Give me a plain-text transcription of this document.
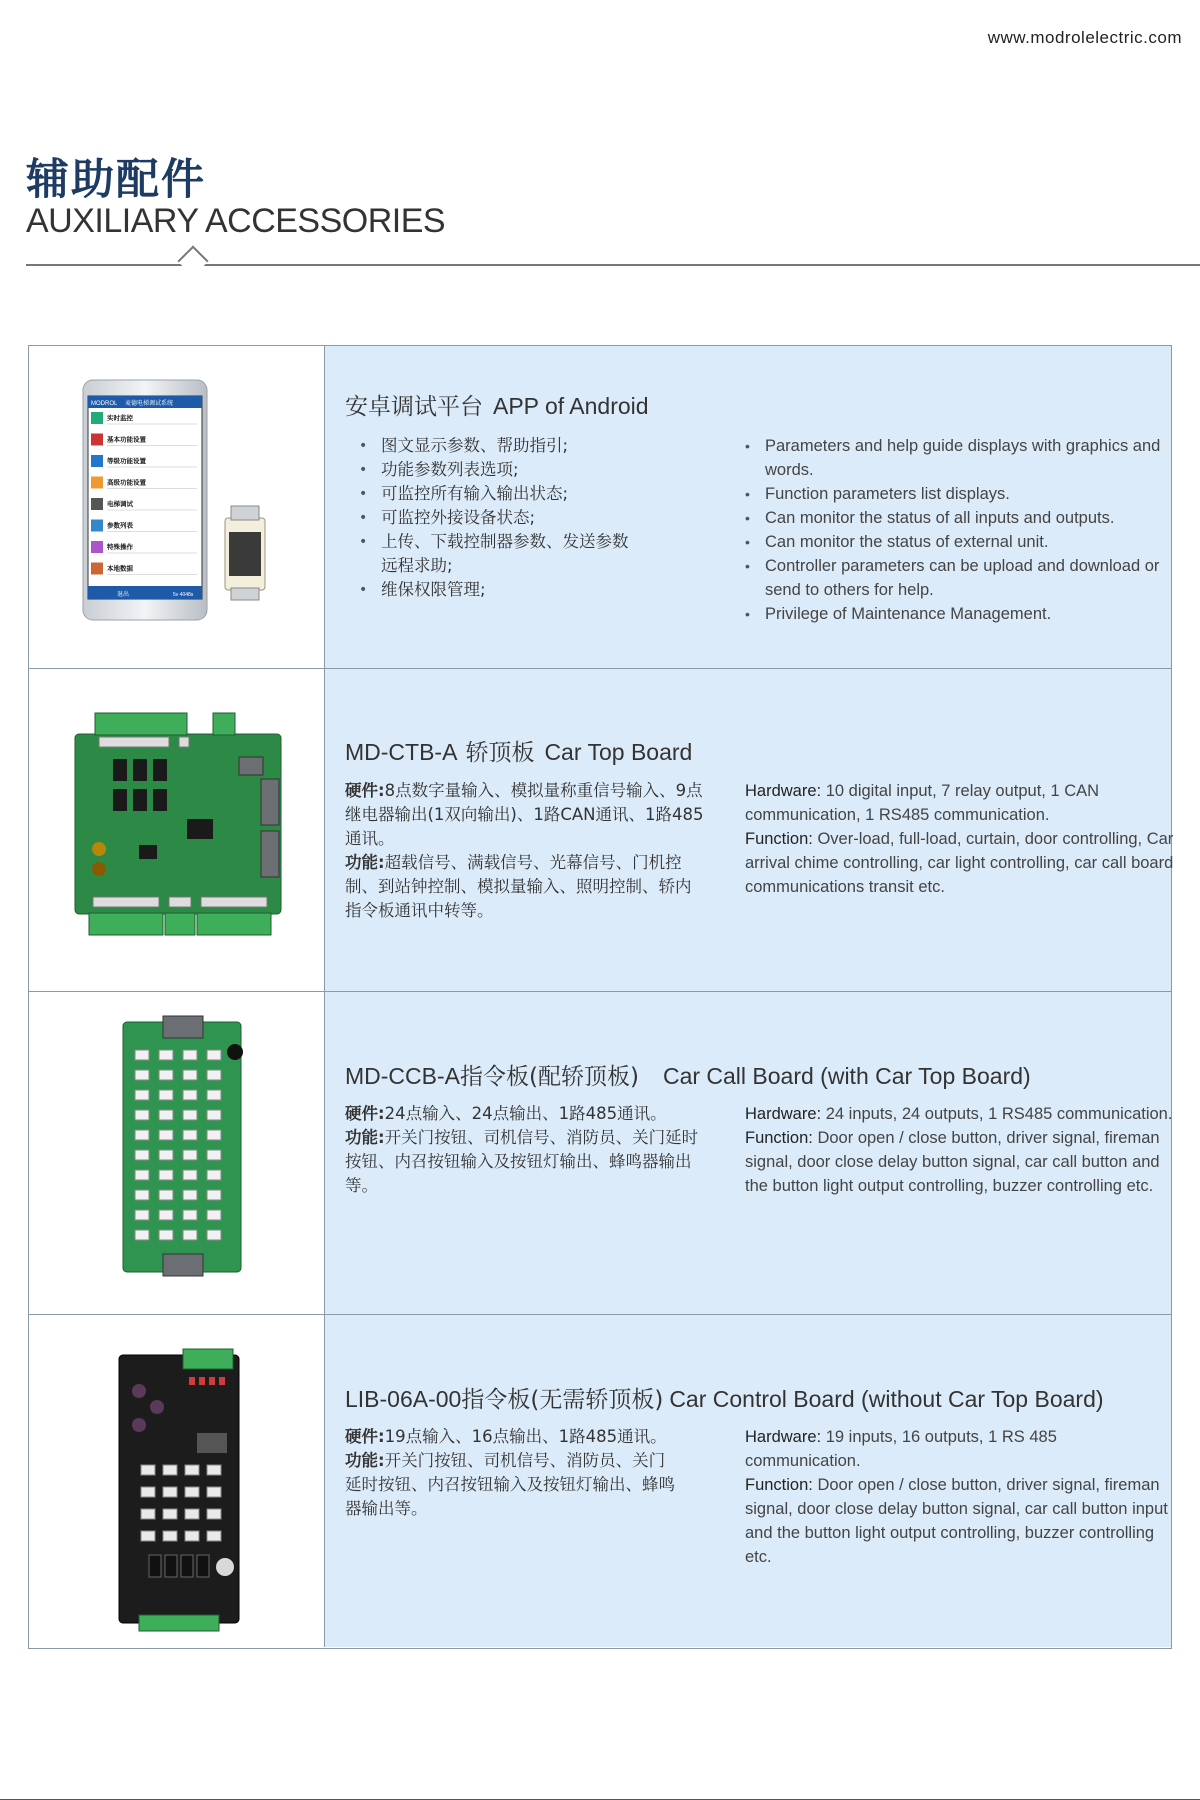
www.modrolelectric.com
辅助配件
AUXILIARY ACCESSORIES
实时监控
基本功能设置
等级功能设置
高级功能设置
电梯调试
参数列表
特殊操作
本地数据
MODROL 麦德电梯调试系统
退出	5v 4048s
安卓调试平台 APP of Android
• 图文显示参数、帮助指引;
• 功能参数列表选项;
• 可监控所有输入输出状态;
• 可监控外接设备状态;
• 上传、下载控制器参数、发送参数远程求助;
• 维保权限管理;
• Parameters and help guide displays with graphics and words.
• Function parameters list displays.
• Can monitor the status of all inputs and outputs.
• Can monitor the status of external unit.
• Controller parameters can be upload and download or send to others for help.
• Privilege of Maintenance Management.
MD-CTB-A 轿顶板 Car Top Board

硬件:8点数字量输入、模拟量称重信号输入、9点继电器输出(1双向输出)、1路CAN通讯、1路485通讯。

功能:超载信号、满载信号、光幕信号、门机控制、到站钟控制、模拟量输入、照明控制、轿内指令板通讯中转等。

Hardware: 10 digital input, 7 relay output, 1 CAN communication, 1 RS485 communication.

Function: Over-load, full-load, curtain, door controlling, Car arrival chime controlling, car light controlling, car call board communications transit etc.

MD-CCB-A指令板(配轿顶板) Car Call Board (with Car Top Board)

硬件:24点输入、24点输出、1路485通讯。

功能:开关门按钮、司机信号、消防员、关门延时按钮、内召按钮输入及按钮灯输出、蜂鸣器输出等。

Hardware: 24 inputs, 24 outputs, 1 RS485 communication.

Function: Door open / close button, driver signal, fireman signal, door close delay button signal, car call button and the button light output controlling, buzzer controlling etc.

LIB-06A-00指令板(无需轿顶板) Car Control Board (without Car Top Board)

硬件:19点输入、16点输出、1路485通讯。

功能:开关门按钮、司机信号、消防员、关门延时按钮、内召按钮输入及按钮灯输出、蜂鸣器输出等。

Hardware: 19 inputs, 16 outputs, 1 RS 485 communication.

Function: Door open / close button, driver signal, fireman signal, door close delay button signal, car call button input and the button light output controlling, buzzer controlling etc.
